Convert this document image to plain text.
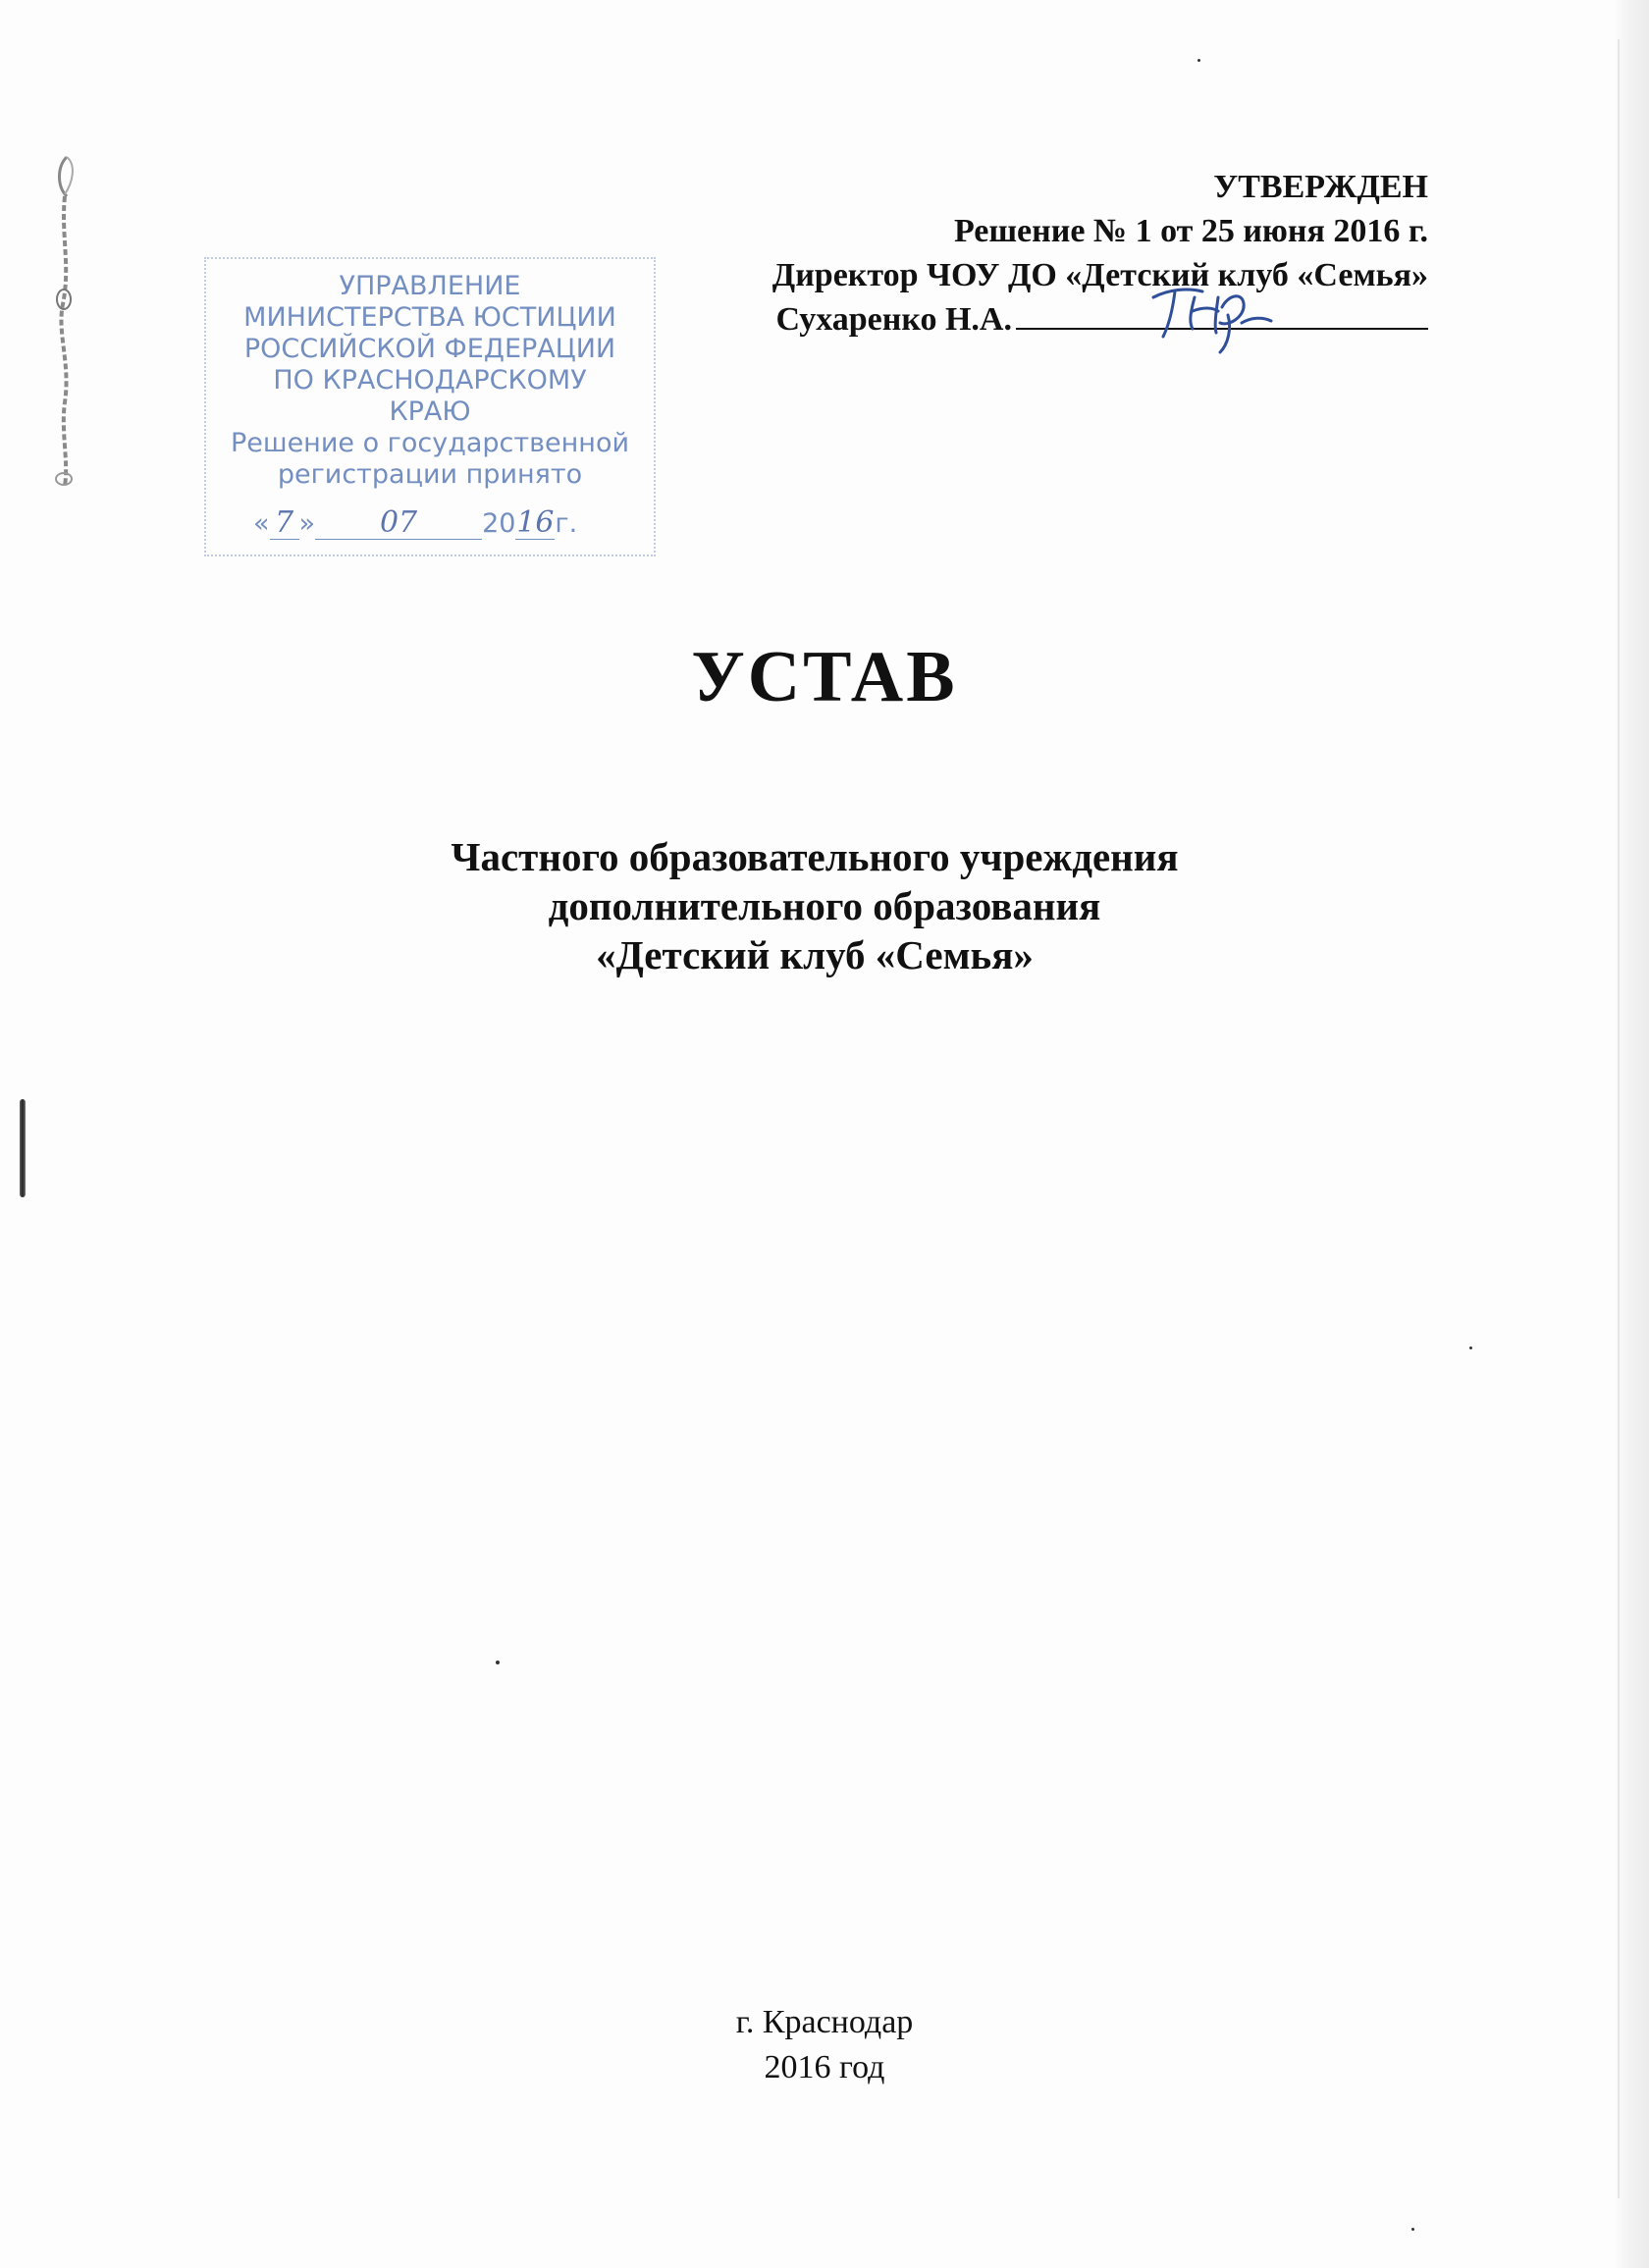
УТВЕРЖДЕН
Решение № 1 от 25 июня 2016 г.
Директор ЧОУ ДО «Детский клуб «Семья»
Сухаренко Н.А.
УПРАВЛЕНИЕ
МИНИСТЕРСТВА ЮСТИЦИИ
РОССИЙСКОЙ ФЕДЕРАЦИИ
ПО КРАСНОДАРСКОМУ
КРАЮ
Решение о государственной
регистрации принято
« 7 » 07 2016г.
УСТАВ
Частного образовательного учреждения
дополнительного образования
«Детский клуб «Семья»
г. Краснодар
2016 год
